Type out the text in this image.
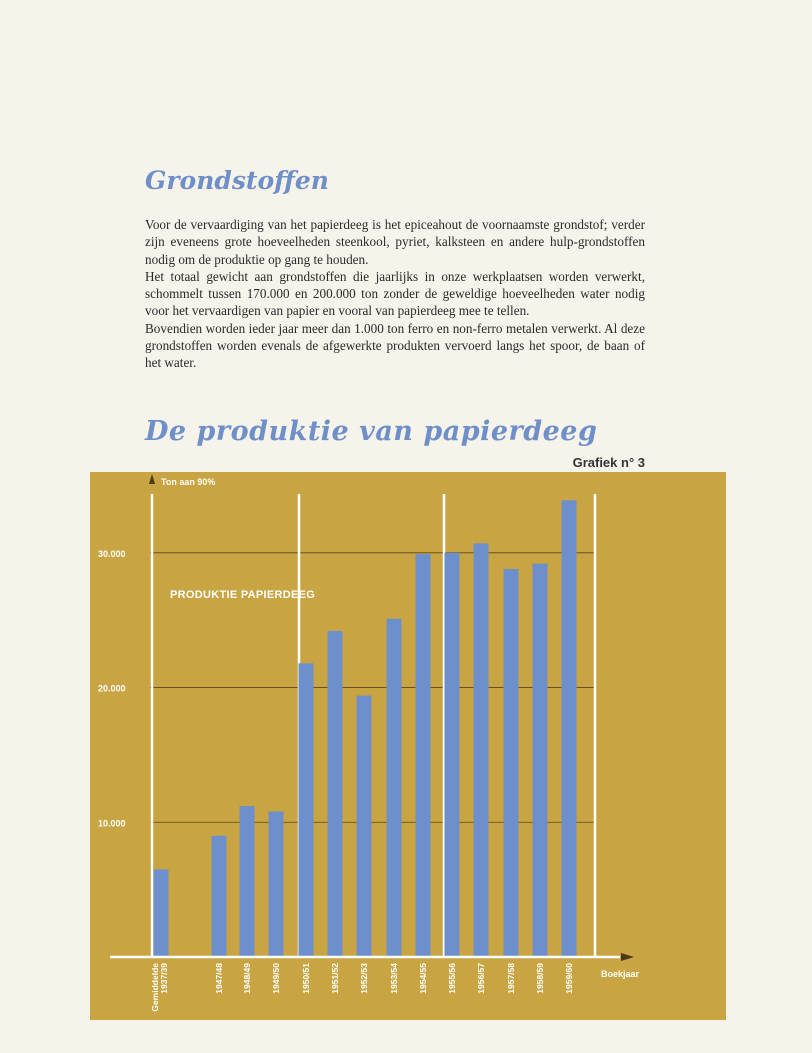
Grondstoffen

Voor de vervaardiging van het papierdeeg is het epiceahout de voornaamste grondstof; verder zijn eveneens grote hoeveelheden steenkool, pyriet, kalksteen en andere hulp-grondstoffen nodig om de produktie op gang te houden.

Het totaal gewicht aan grondstoffen die jaarlijks in onze werkplaatsen worden verwerkt, schommelt tussen 170.000 en 200.000 ton zonder de geweldige hoeveelheden water nodig voor het vervaardigen van papier en vooral van papierdeeg mee te tellen.

Bovendien worden ieder jaar meer dan 1.000 ton ferro en non-ferro metalen verwerkt. Al deze grondstoffen worden evenals de afgewerkte produkten vervoerd langs het spoor, de baan of het water.

De produktie van papierdeeg
Grafiek n° 3
10.000
20.000
30.000
Ton aan 90%
Boekjaar
PRODUKTIE PAPIERDEEG
Gemiddelde 1937/39	1947/48 1948/49 1949/50 1950/51 1951/52 1952/53 1953/54 1954/55 1955/56 1956/57 1957/58 1958/59 1959/60
